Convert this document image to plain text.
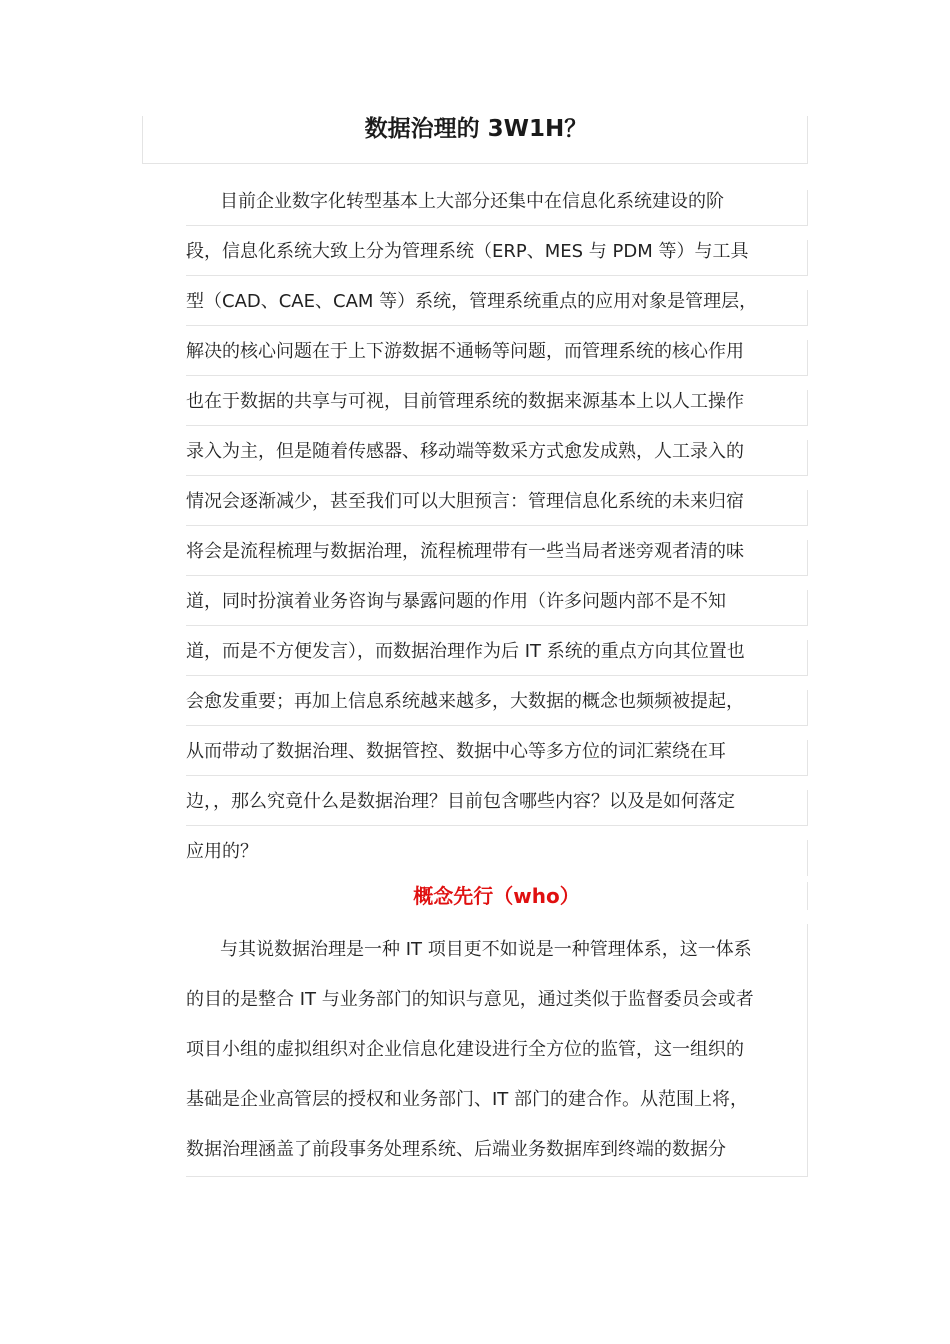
数据治理的 3W1H？
目前企业数字化转型基本上大部分还集中在信息化系统建设的阶
段，信息化系统大致上分为管理系统（ERP、MES 与 PDM 等）与工具
型（CAD、CAE、CAM 等）系统，管理系统重点的应用对象是管理层，
解决的核心问题在于上下游数据不通畅等问题，而管理系统的核心作用
也在于数据的共享与可视，目前管理系统的数据来源基本上以人工操作
录入为主，但是随着传感器、移动端等数采方式愈发成熟，人工录入的
情况会逐渐减少，甚至我们可以大胆预言：管理信息化系统的未来归宿
将会是流程梳理与数据治理，流程梳理带有一些当局者迷旁观者清的味
道，同时扮演着业务咨询与暴露问题的作用（许多问题内部不是不知
道，而是不方便发言），而数据治理作为后 IT 系统的重点方向其位置也
会愈发重要；再加上信息系统越来越多，大数据的概念也频频被提起，
从而带动了数据治理、数据管控、数据中心等多方位的词汇萦绕在耳
边，，那么究竟什么是数据治理？目前包含哪些内容？以及是如何落定
应用的？
概念先行（who）
与其说数据治理是一种 IT 项目更不如说是一种管理体系，这一体系
的目的是整合 IT 与业务部门的知识与意见，通过类似于监督委员会或者
项目小组的虚拟组织对企业信息化建设进行全方位的监管，这一组织的
基础是企业高管层的授权和业务部门、IT 部门的建合作。从范围上将，
数据治理涵盖了前段事务处理系统、后端业务数据库到终端的数据分
